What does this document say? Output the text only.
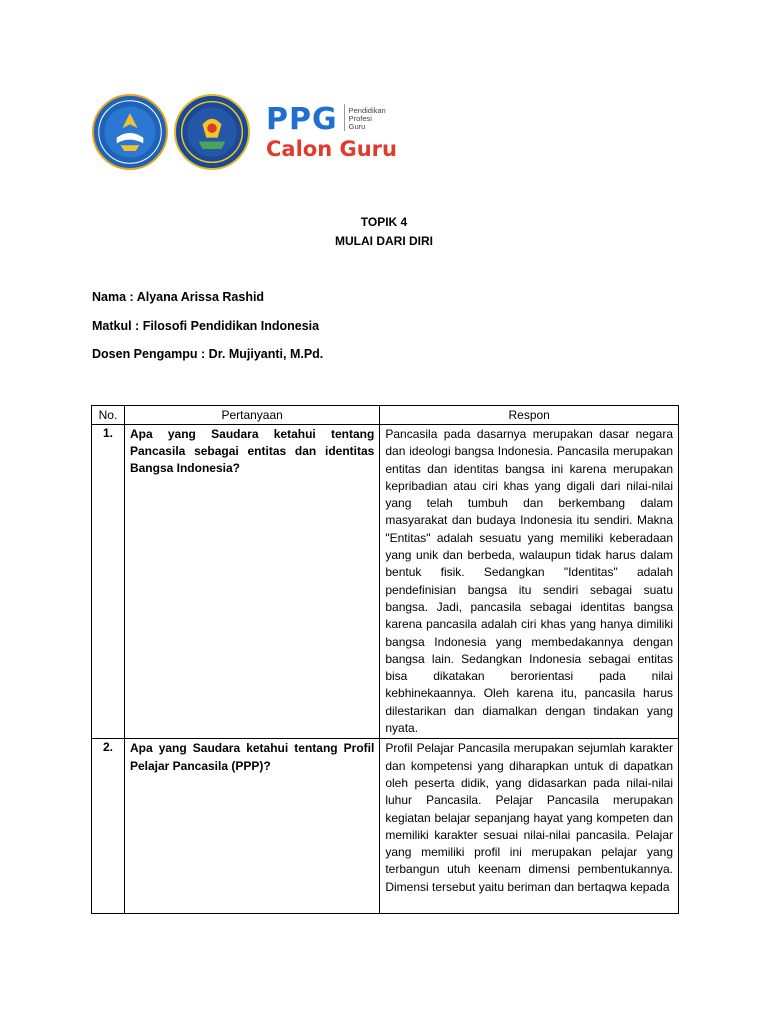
PPG Pendidikan
Profesi
Guru
Calon Guru
TOPIK 4
MULAI DARI DIRI
Nama : Alyana Arissa Rashid
Matkul : Filosofi Pendidikan Indonesia
Dosen Pengampu : Dr. Mujiyanti, M.Pd.
No.	Pertanyaan	Respon
1.	Apa yang Saudara ketahui tentang Pancasila sebagai entitas dan identitas Bangsa Indonesia?	Pancasila pada dasarnya merupakan dasar negara dan ideologi bangsa Indonesia. Pancasila merupakan entitas dan identitas bangsa ini karena merupakan kepribadian atau ciri khas yang digali dari nilai-nilai yang telah tumbuh dan berkembang dalam masyarakat dan budaya Indonesia itu sendiri. Makna "Entitas" adalah sesuatu yang memiliki keberadaan yang unik dan berbeda, walaupun tidak harus dalam bentuk fisik. Sedangkan "Identitas" adalah pendefinisian bangsa itu sendiri sebagai suatu bangsa. Jadi, pancasila sebagai identitas bangsa karena pancasila adalah ciri khas yang hanya dimiliki bangsa Indonesia yang membedakannya dengan bangsa lain. Sedangkan Indonesia sebagai entitas bisa dikatakan berorientasi pada nilai kebhinekaannya. Oleh karena itu, pancasila harus dilestarikan dan diamalkan dengan tindakan yang nyata.
2.	Apa yang Saudara ketahui tentang Profil Pelajar Pancasila (PPP)?	Profil Pelajar Pancasila merupakan sejumlah karakter dan kompetensi yang diharapkan untuk di dapatkan oleh peserta didik, yang didasarkan pada nilai-nilai luhur Pancasila. Pelajar Pancasila merupakan kegiatan belajar sepanjang hayat yang kompeten dan memiliki karakter sesuai nilai-nilai pancasila. Pelajar yang memiliki profil ini merupakan pelajar yang terbangun utuh keenam dimensi pembentukannya. Dimensi tersebut yaitu beriman dan bertaqwa kepada
